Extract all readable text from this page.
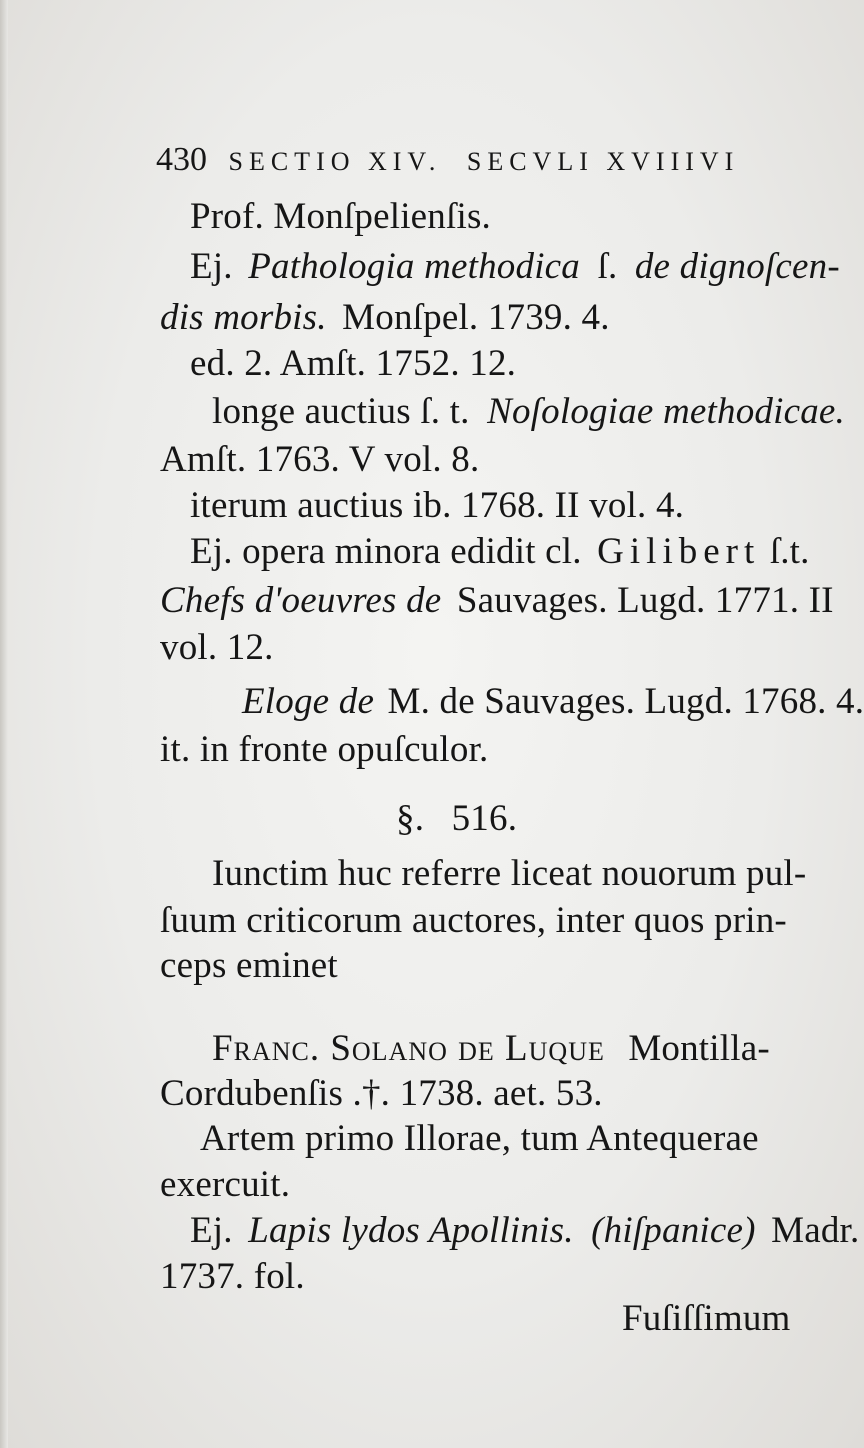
430 SECTIO XIV. SECVLI XVIIIVI
Prof. Monſpelienſis.
Ej. Pathologia methodica ſ. de dignoſcen-
dis morbis. Monſpel. 1739. 4.
ed. 2. Amſt. 1752. 12.
longe auctius ſ. t. Noſologiae methodicae.
Amſt. 1763. V vol. 8.
iterum auctius ib. 1768. II vol. 4.
Ej. opera minora edidit cl. Gilibert ſ.t.
Chefs d'oeuvres de Sauvages. Lugd. 1771. II
vol. 12.
Eloge de M. de Sauvages. Lugd. 1768. 4.
it. in fronte opuſculor.
§. 516.
Iunctim huc referre liceat nouorum pul-
ſuum criticorum auctores, inter quos prin-
ceps eminet
Franc. Solano de Luque Montilla-
Cordubenſis .†. 1738. aet. 53.
Artem primo Illorae, tum Antequerae
exercuit.
Ej. Lapis lydos Apollinis. (hiſpanice) Madr.
1737. fol.
Fuſiſſimum
